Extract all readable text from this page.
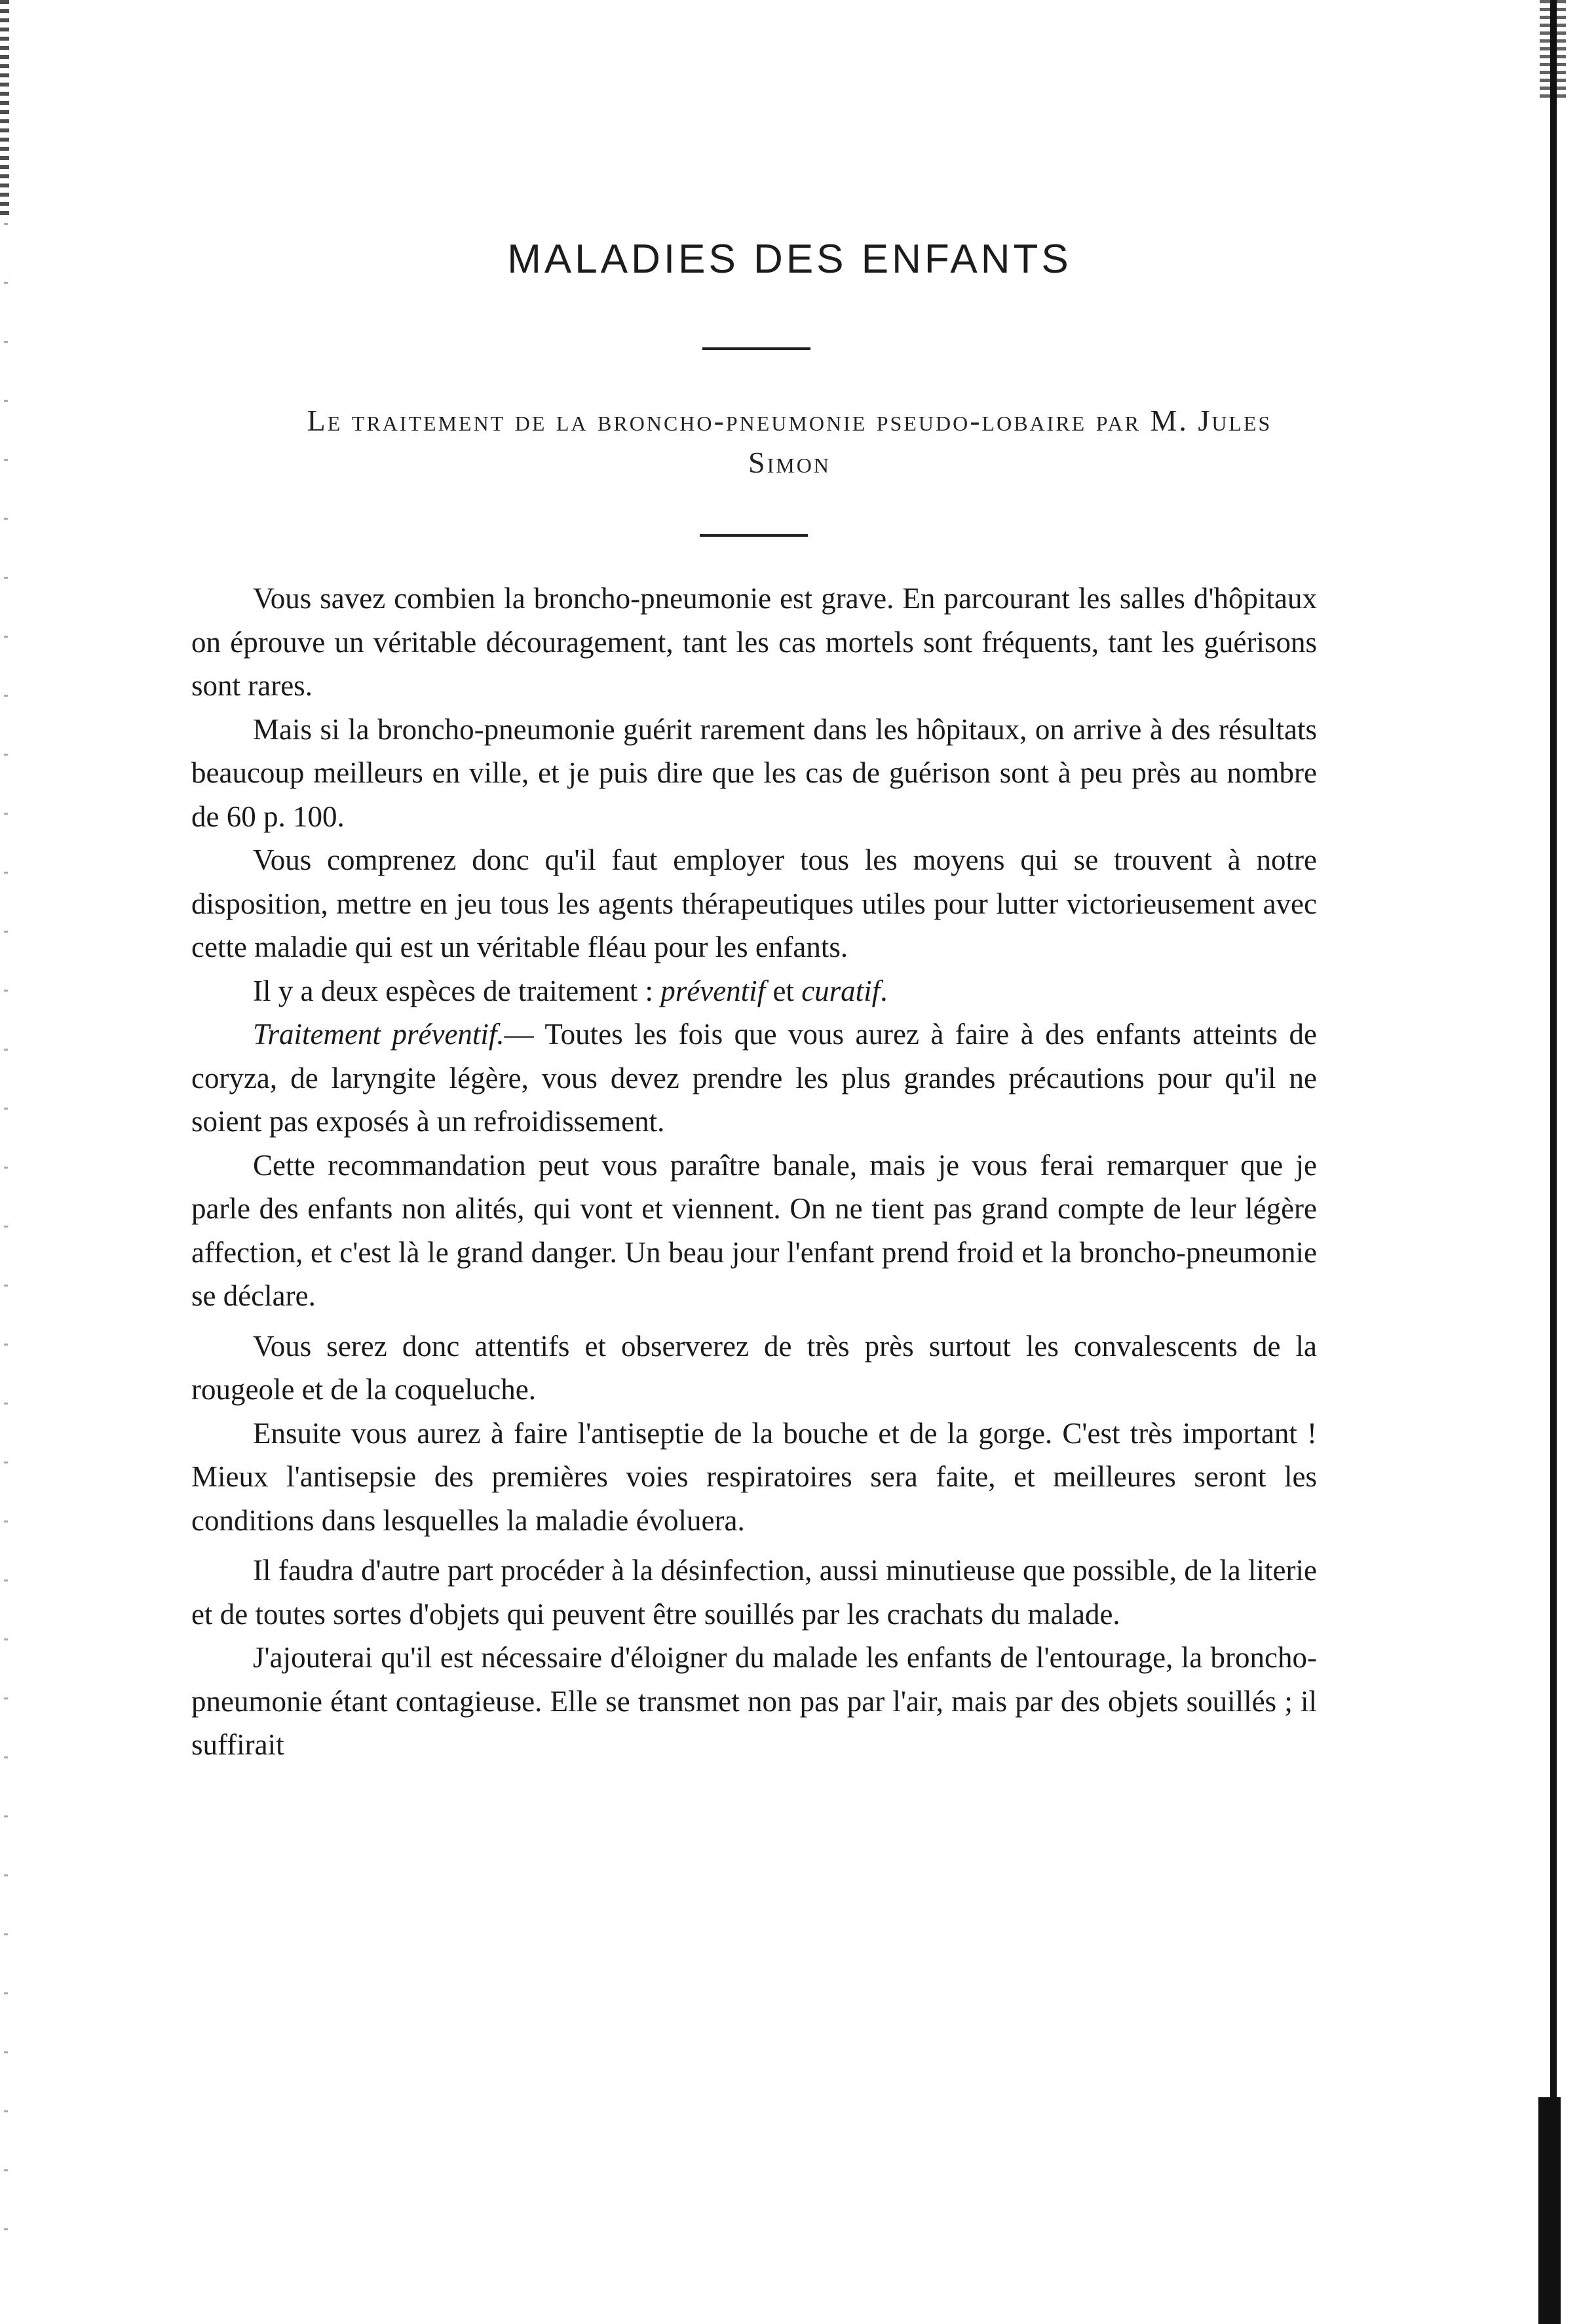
MALADIES DES ENFANTS
Le traitement de la broncho-pneumonie pseudo-lobaire par M. Jules Simon

Vous savez combien la broncho-pneumonie est grave. En parcourant les salles d'hôpitaux on éprouve un véritable découragement, tant les cas mortels sont fréquents, tant les guérisons sont rares.

Mais si la broncho-pneumonie guérit rarement dans les hôpitaux, on arrive à des résultats beaucoup meilleurs en ville, et je puis dire que les cas de guérison sont à peu près au nombre de 60 p. 100.

Vous comprenez donc qu'il faut employer tous les moyens qui se trouvent à notre disposition, mettre en jeu tous les agents thérapeutiques utiles pour lutter victorieusement avec cette maladie qui est un véritable fléau pour les enfants.

Il y a deux espèces de traitement : préventif et curatif.

Traitement préventif.— Toutes les fois que vous aurez à faire à des enfants atteints de coryza, de laryngite légère, vous devez prendre les plus grandes précautions pour qu'il ne soient pas exposés à un refroidissement.

Cette recommandation peut vous paraître banale, mais je vous ferai remarquer que je parle des enfants non alités, qui vont et viennent. On ne tient pas grand compte de leur légère affection, et c'est là le grand danger. Un beau jour l'enfant prend froid et la broncho-pneumonie se déclare.

Vous serez donc attentifs et observerez de très près surtout les convalescents de la rougeole et de la coqueluche.

Ensuite vous aurez à faire l'antiseptie de la bouche et de la gorge. C'est très important ! Mieux l'antisepsie des premières voies respiratoires sera faite, et meilleures seront les conditions dans lesquelles la maladie évoluera.

Il faudra d'autre part procéder à la désinfection, aussi minutieuse que possible, de la literie et de toutes sortes d'objets qui peuvent être souillés par les crachats du malade.

J'ajouterai qu'il est nécessaire d'éloigner du malade les enfants de l'entourage, la broncho-pneumonie étant contagieuse. Elle se transmet non pas par l'air, mais par des objets souillés ; il suffirait
